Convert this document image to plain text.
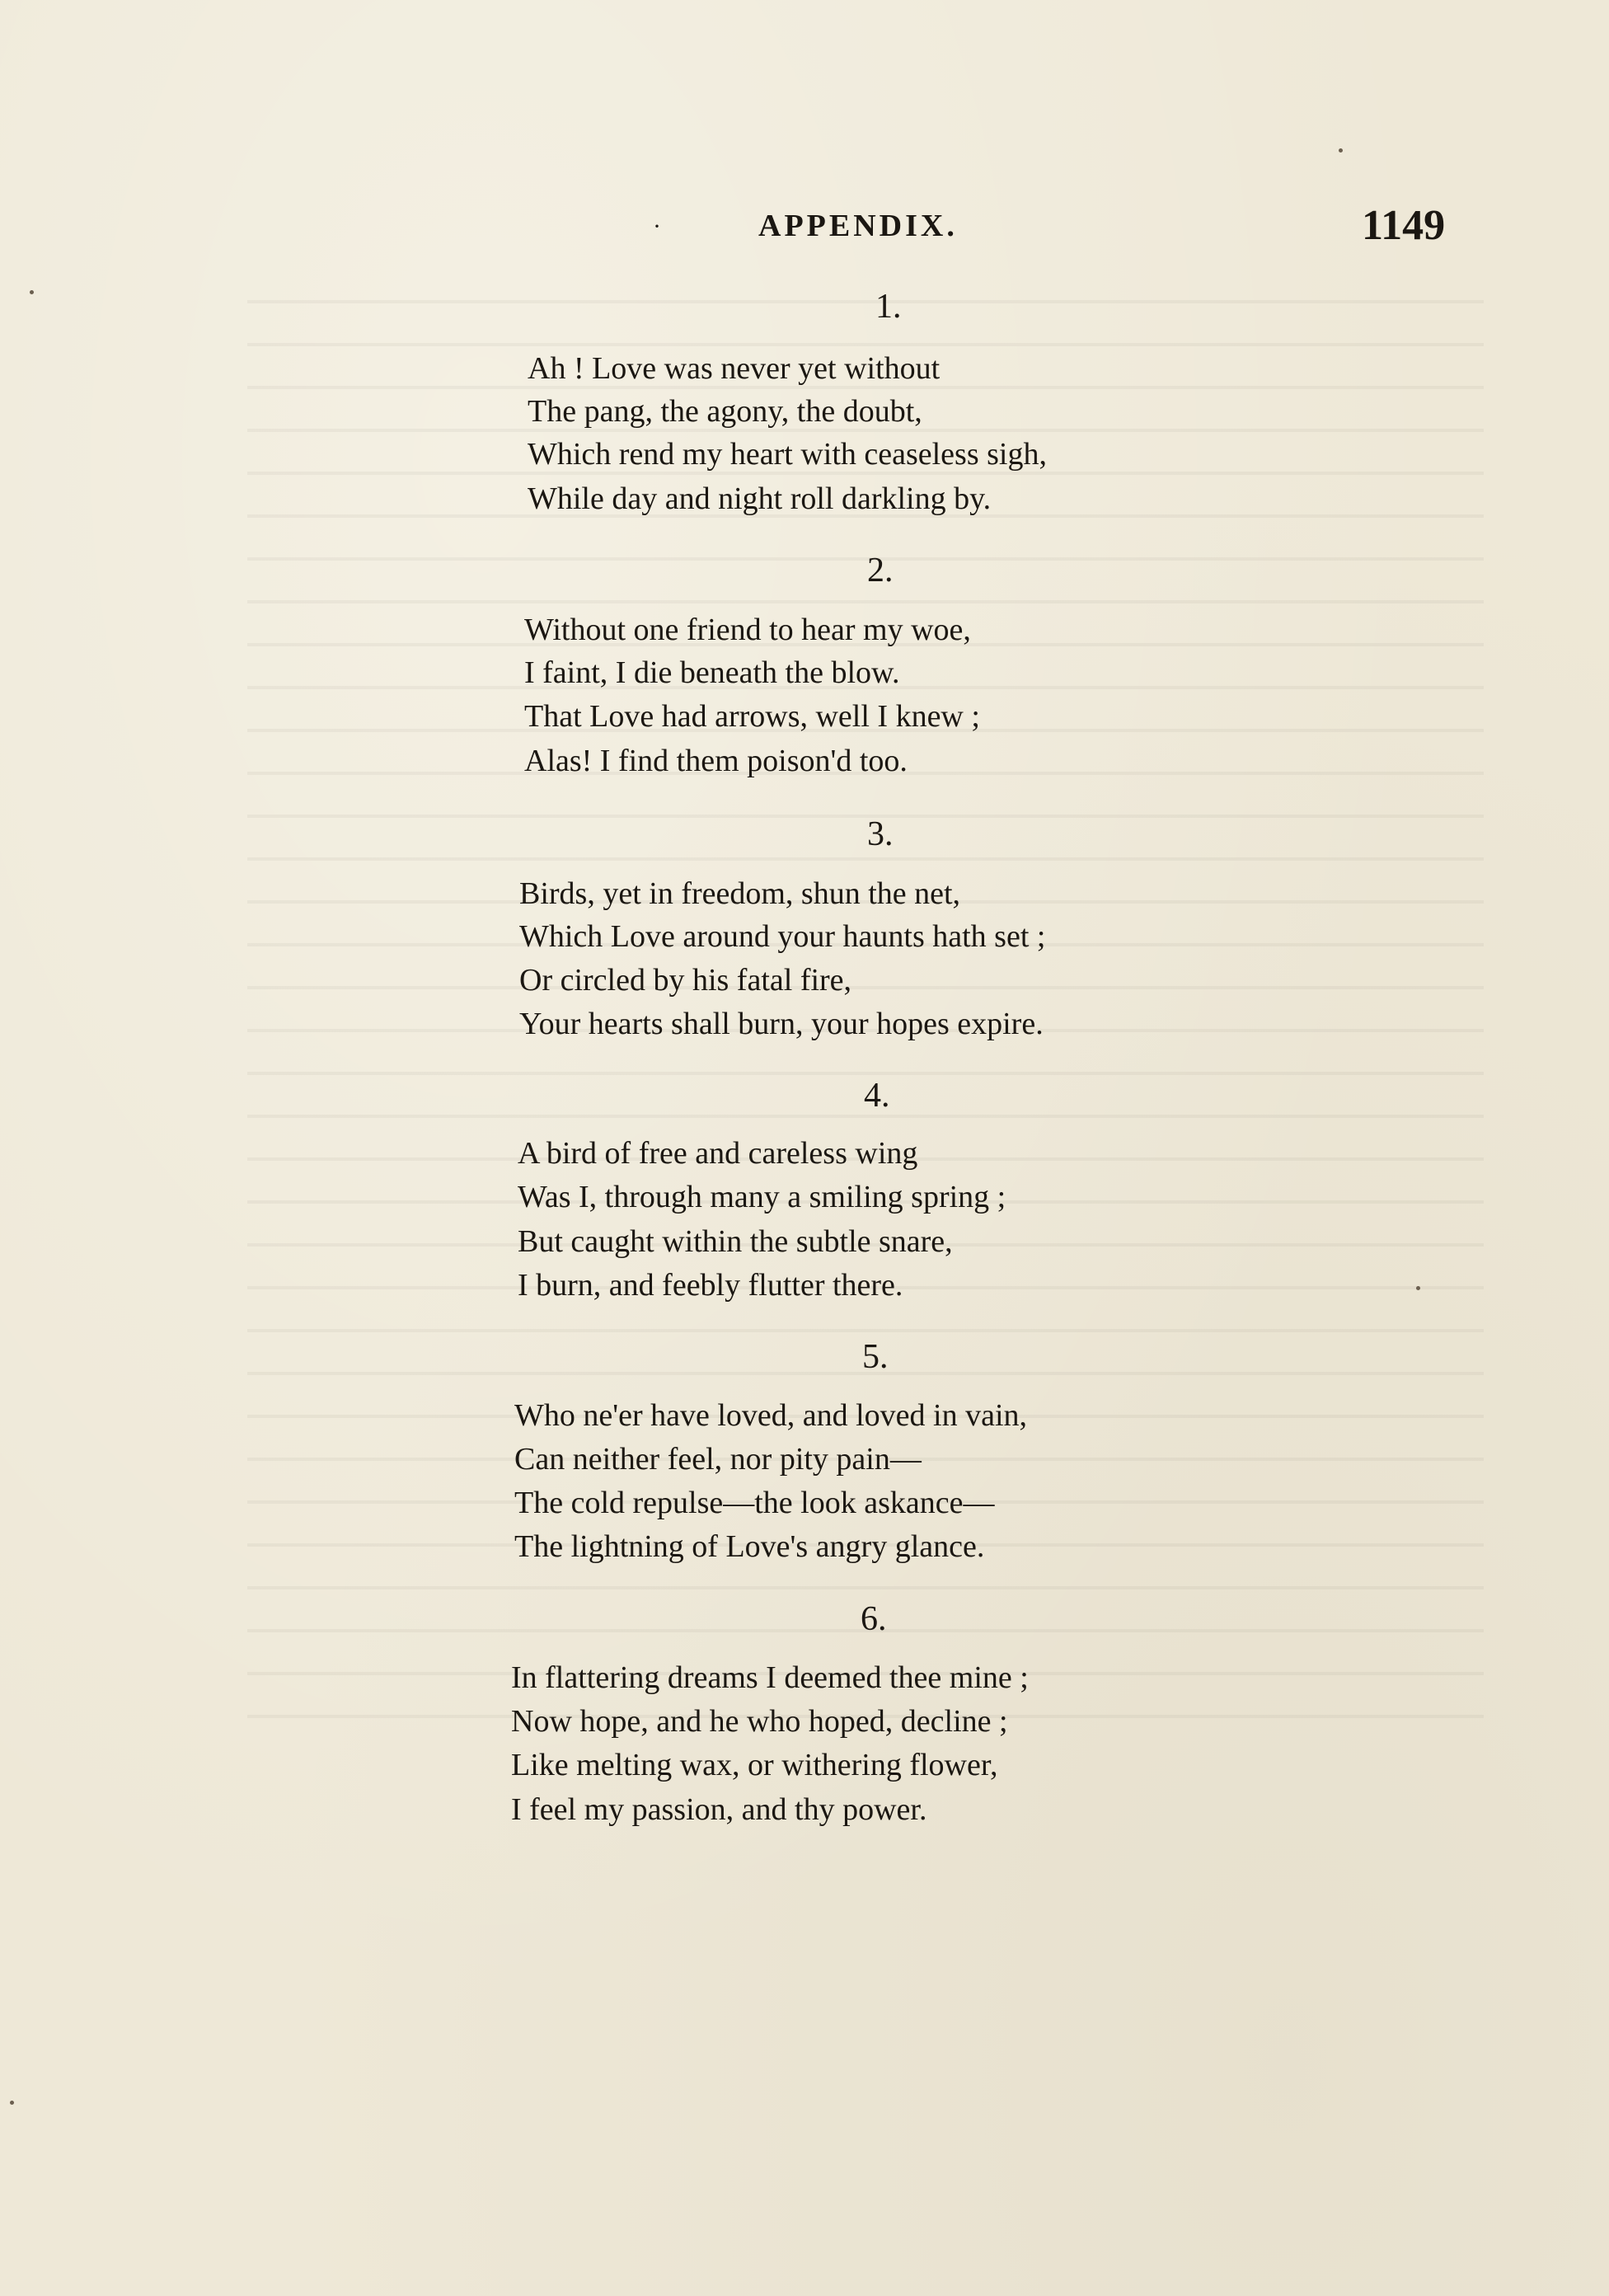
·	APPENDIX.	1149
1.
Ah ! Love was never yet without
The pang, the agony, the doubt,
Which rend my heart with ceaseless sigh,
While day and night roll darkling by.
2.
Without one friend to hear my woe,
I faint, I die beneath the blow.
That Love had arrows, well I knew ;
Alas! I find them poison'd too.
3.
Birds, yet in freedom, shun the net,
Which Love around your haunts hath set ;
Or circled by his fatal fire,
Your hearts shall burn, your hopes expire.
4.
A bird of free and careless wing
Was I, through many a smiling spring ;
But caught within the subtle snare,
I burn, and feebly flutter there.
5.
Who ne'er have loved, and loved in vain,
Can neither feel, nor pity pain—
The cold repulse—the look askance—
The lightning of Love's angry glance.
6.
In flattering dreams I deemed thee mine ;
Now hope, and he who hoped, decline ;
Like melting wax, or withering flower,
I feel my passion, and thy power.
